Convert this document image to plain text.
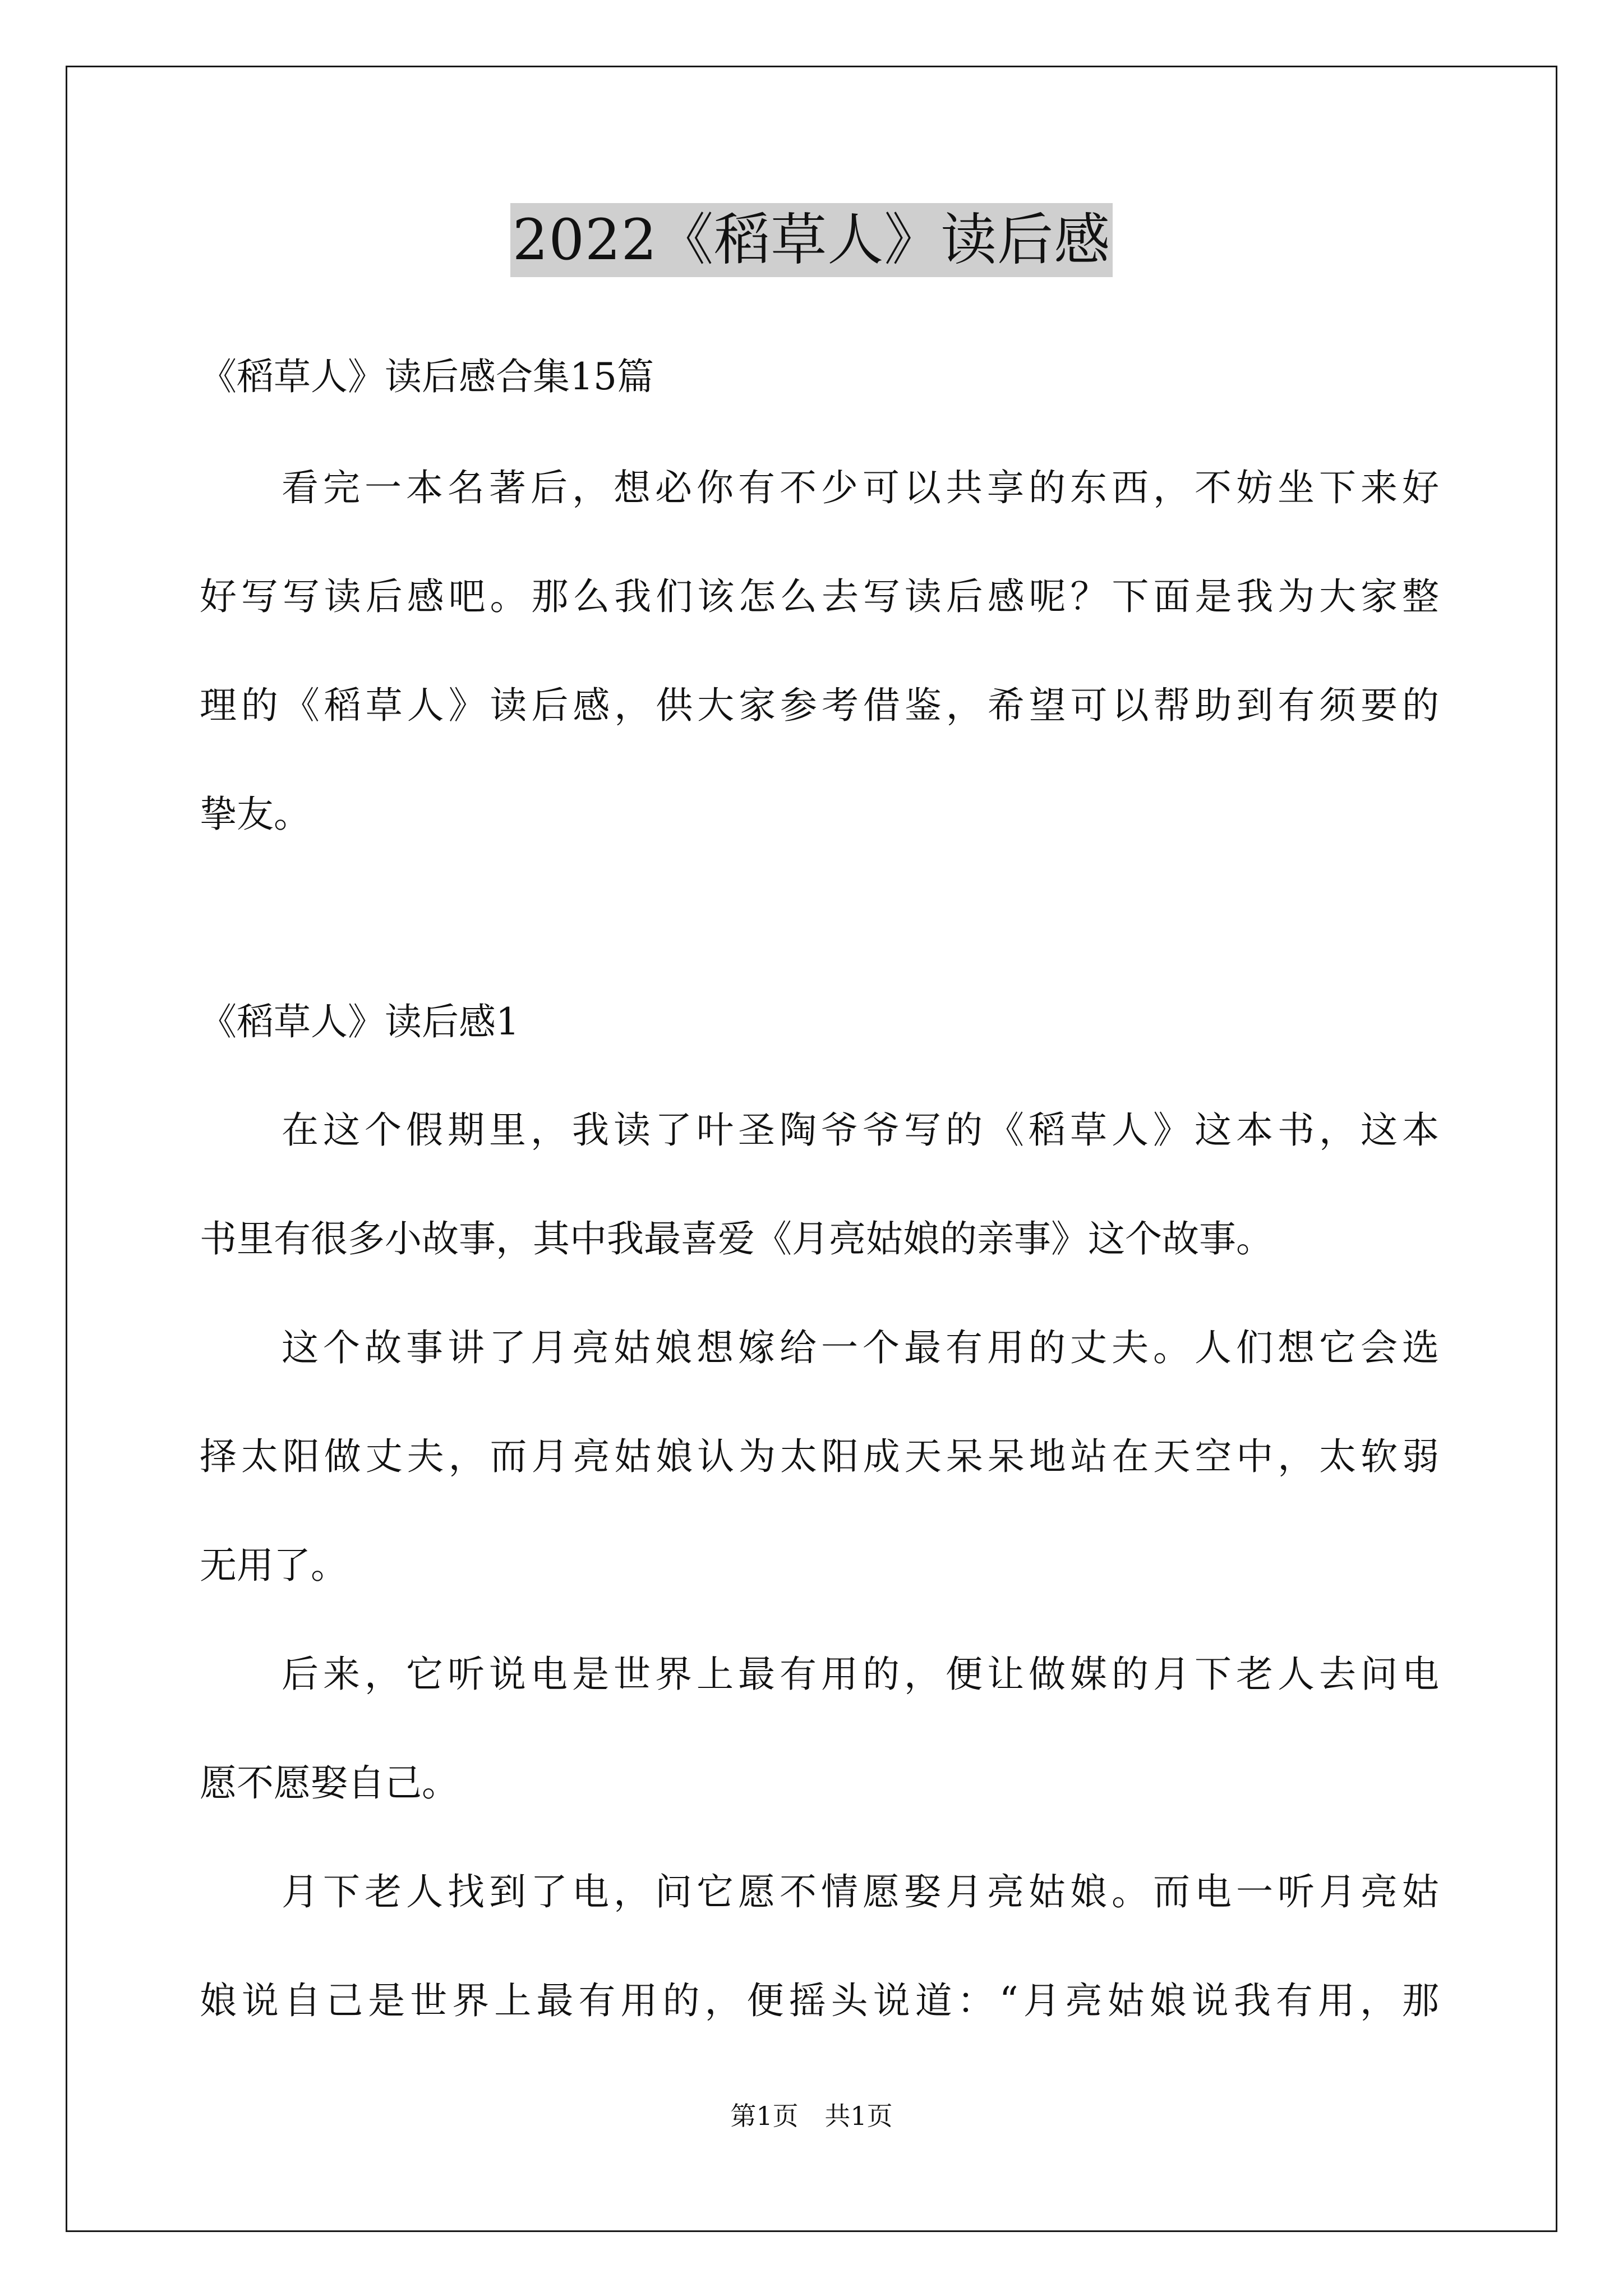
2022《稻草人》读后感
《稻草人》读后感合集15篇
看完一本名著后，想必你有不少可以共享的东西，不妨坐下来好
好写写读后感吧。那么我们该怎么去写读后感呢？下面是我为大家整
理的《稻草人》读后感，供大家参考借鉴，希望可以帮助到有须要的
挚友。
《稻草人》读后感1
在这个假期里，我读了叶圣陶爷爷写的《稻草人》这本书，这本
书里有很多小故事，其中我最喜爱《月亮姑娘的亲事》这个故事。
这个故事讲了月亮姑娘想嫁给一个最有用的丈夫。人们想它会选
择太阳做丈夫，而月亮姑娘认为太阳成天呆呆地站在天空中，太软弱
无用了。
后来，它听说电是世界上最有用的，便让做媒的月下老人去问电
愿不愿娶自己。
月下老人找到了电，问它愿不情愿娶月亮姑娘。而电一听月亮姑
娘说自己是世界上最有用的，便摇头说道：“月亮姑娘说我有用，那
第1页 共1页
